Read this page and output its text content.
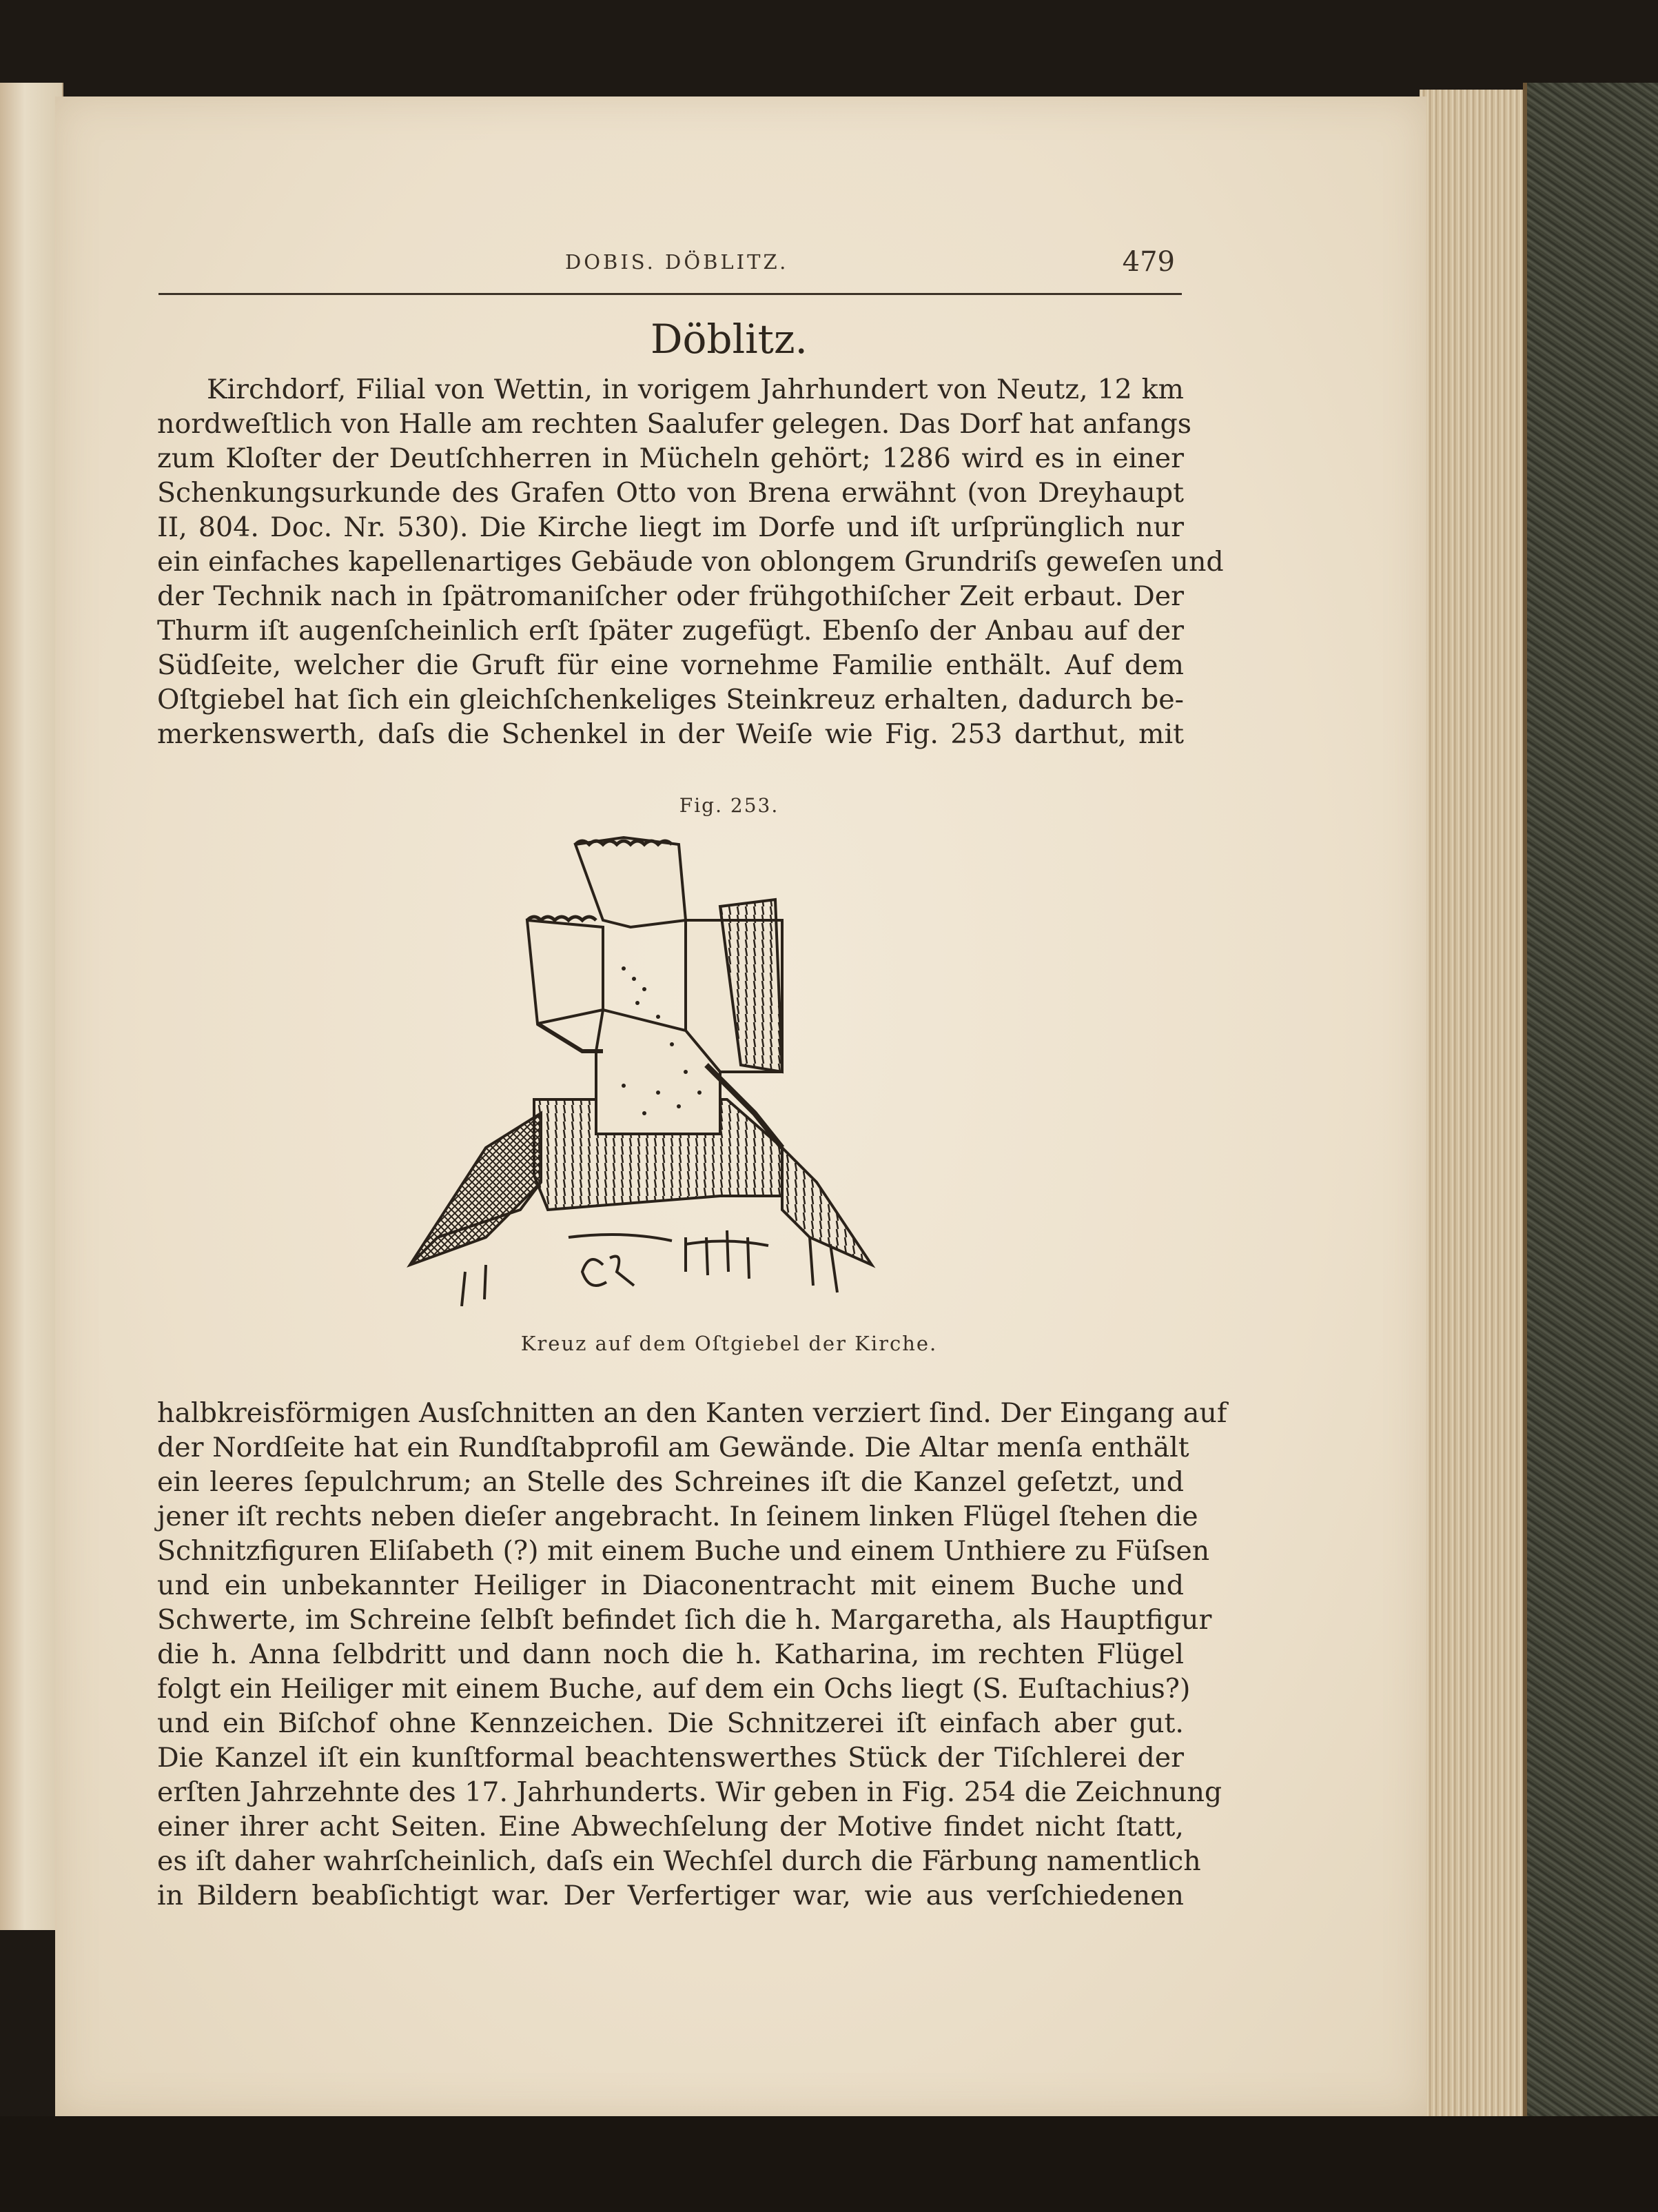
DOBIS. DÖBLITZ.	479
Döblitz.
Kirchdorf, Filial von Wettin, in vorigem Jahrhundert von Neutz, 12 km
nordweſtlich von Halle am rechten Saalufer gelegen. Das Dorf hat anfangs
zum Kloſter der Deutſchherren in Mücheln gehört; 1286 wird es in einer
Schenkungsurkunde des Grafen Otto von Brena erwähnt (von Dreyhaupt
II, 804. Doc. Nr. 530). Die Kirche liegt im Dorfe und iſt urſprünglich nur
ein einfaches kapellenartiges Gebäude von oblongem Grundriſs geweſen und
der Technik nach in ſpätromaniſcher oder frühgothiſcher Zeit erbaut. Der
Thurm iſt augenſcheinlich erſt ſpäter zugefügt. Ebenſo der Anbau auf der
Südſeite, welcher die Gruft für eine vornehme Familie enthält. Auf dem
Oſtgiebel hat ſich ein gleichſchenkeliges Steinkreuz erhalten, dadurch be-
merkenswerth, daſs die Schenkel in der Weiſe wie Fig. 253 darthut, mit
Fig. 253.
Kreuz auf dem Oſtgiebel der Kirche.
halbkreisförmigen Ausſchnitten an den Kanten verziert ſind. Der Eingang auf
der Nordſeite hat ein Rundſtabprofil am Gewände. Die Altar menſa enthält
ein leeres ſepulchrum; an Stelle des Schreines iſt die Kanzel geſetzt, und
jener iſt rechts neben dieſer angebracht. In ſeinem linken Flügel ſtehen die
Schnitzfiguren Eliſabeth (?) mit einem Buche und einem Unthiere zu Füſsen
und ein unbekannter Heiliger in Diaconentracht mit einem Buche und
Schwerte, im Schreine ſelbſt befindet ſich die h. Margaretha, als Hauptfigur
die h. Anna ſelbdritt und dann noch die h. Katharina, im rechten Flügel
folgt ein Heiliger mit einem Buche, auf dem ein Ochs liegt (S. Euſtachius?)
und ein Biſchof ohne Kennzeichen. Die Schnitzerei iſt einfach aber gut.
Die Kanzel iſt ein kunſtformal beachtenswerthes Stück der Tiſchlerei der
erſten Jahrzehnte des 17. Jahrhunderts. Wir geben in Fig. 254 die Zeichnung
einer ihrer acht Seiten. Eine Abwechſelung der Motive findet nicht ſtatt,
es iſt daher wahrſcheinlich, daſs ein Wechſel durch die Färbung namentlich
in Bildern beabſichtigt war. Der Verfertiger war, wie aus verſchiedenen
